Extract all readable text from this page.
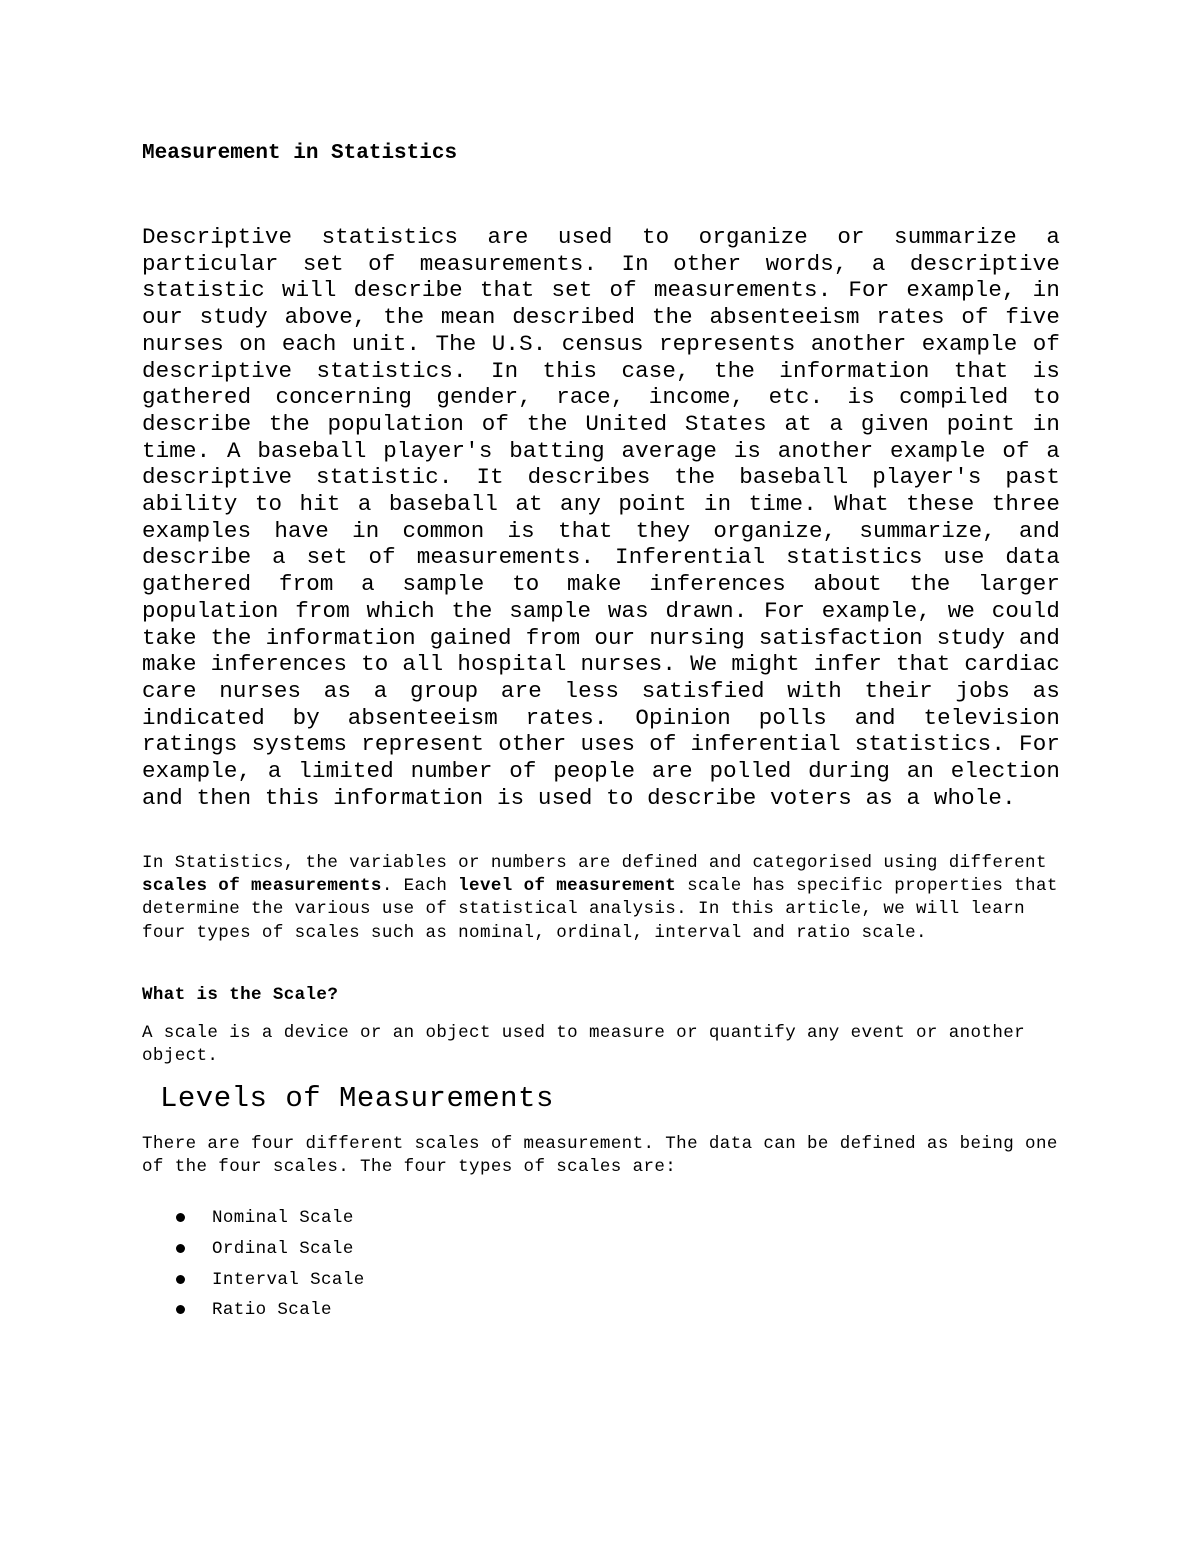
Measurement in Statistics

Descriptive statistics are used to organize or summarize a particular set of measurements. In other words, a descriptive statistic will describe that set of measurements. For example, in our study above, the mean described the absenteeism rates of five nurses on each unit. The U.S. census represents another example of descriptive statistics. In this case, the information that is gathered concerning gender, race, income, etc. is compiled to describe the population of the United States at a given point in time. A baseball player's batting average is another example of a descriptive statistic. It describes the baseball player's past ability to hit a baseball at any point in time. What these three examples have in common is that they organize, summarize, and describe a set of measurements. Inferential statistics use data gathered from a sample to make inferences about the larger population from which the sample was drawn. For example, we could take the information gained from our nursing satisfaction study and make inferences to all hospital nurses. We might infer that cardiac care nurses as a group are less satisfied with their jobs as indicated by absenteeism rates. Opinion polls and television ratings systems represent other uses of inferential statistics. For example, a limited number of people are polled during an election and then this information is used to describe voters as a whole.

In Statistics, the variables or numbers are defined and categorised using different scales of measurements. Each level of measurement scale has specific properties that determine the various use of statistical analysis. In this article, we will learn four types of scales such as nominal, ordinal, interval and ratio scale.

What is the Scale?

A scale is a device or an object used to measure or quantify any event or another object.

Levels of Measurements

There are four different scales of measurement. The data can be defined as being one of the four scales. The four types of scales are:

Nominal Scale
Ordinal Scale
Interval Scale
Ratio Scale
